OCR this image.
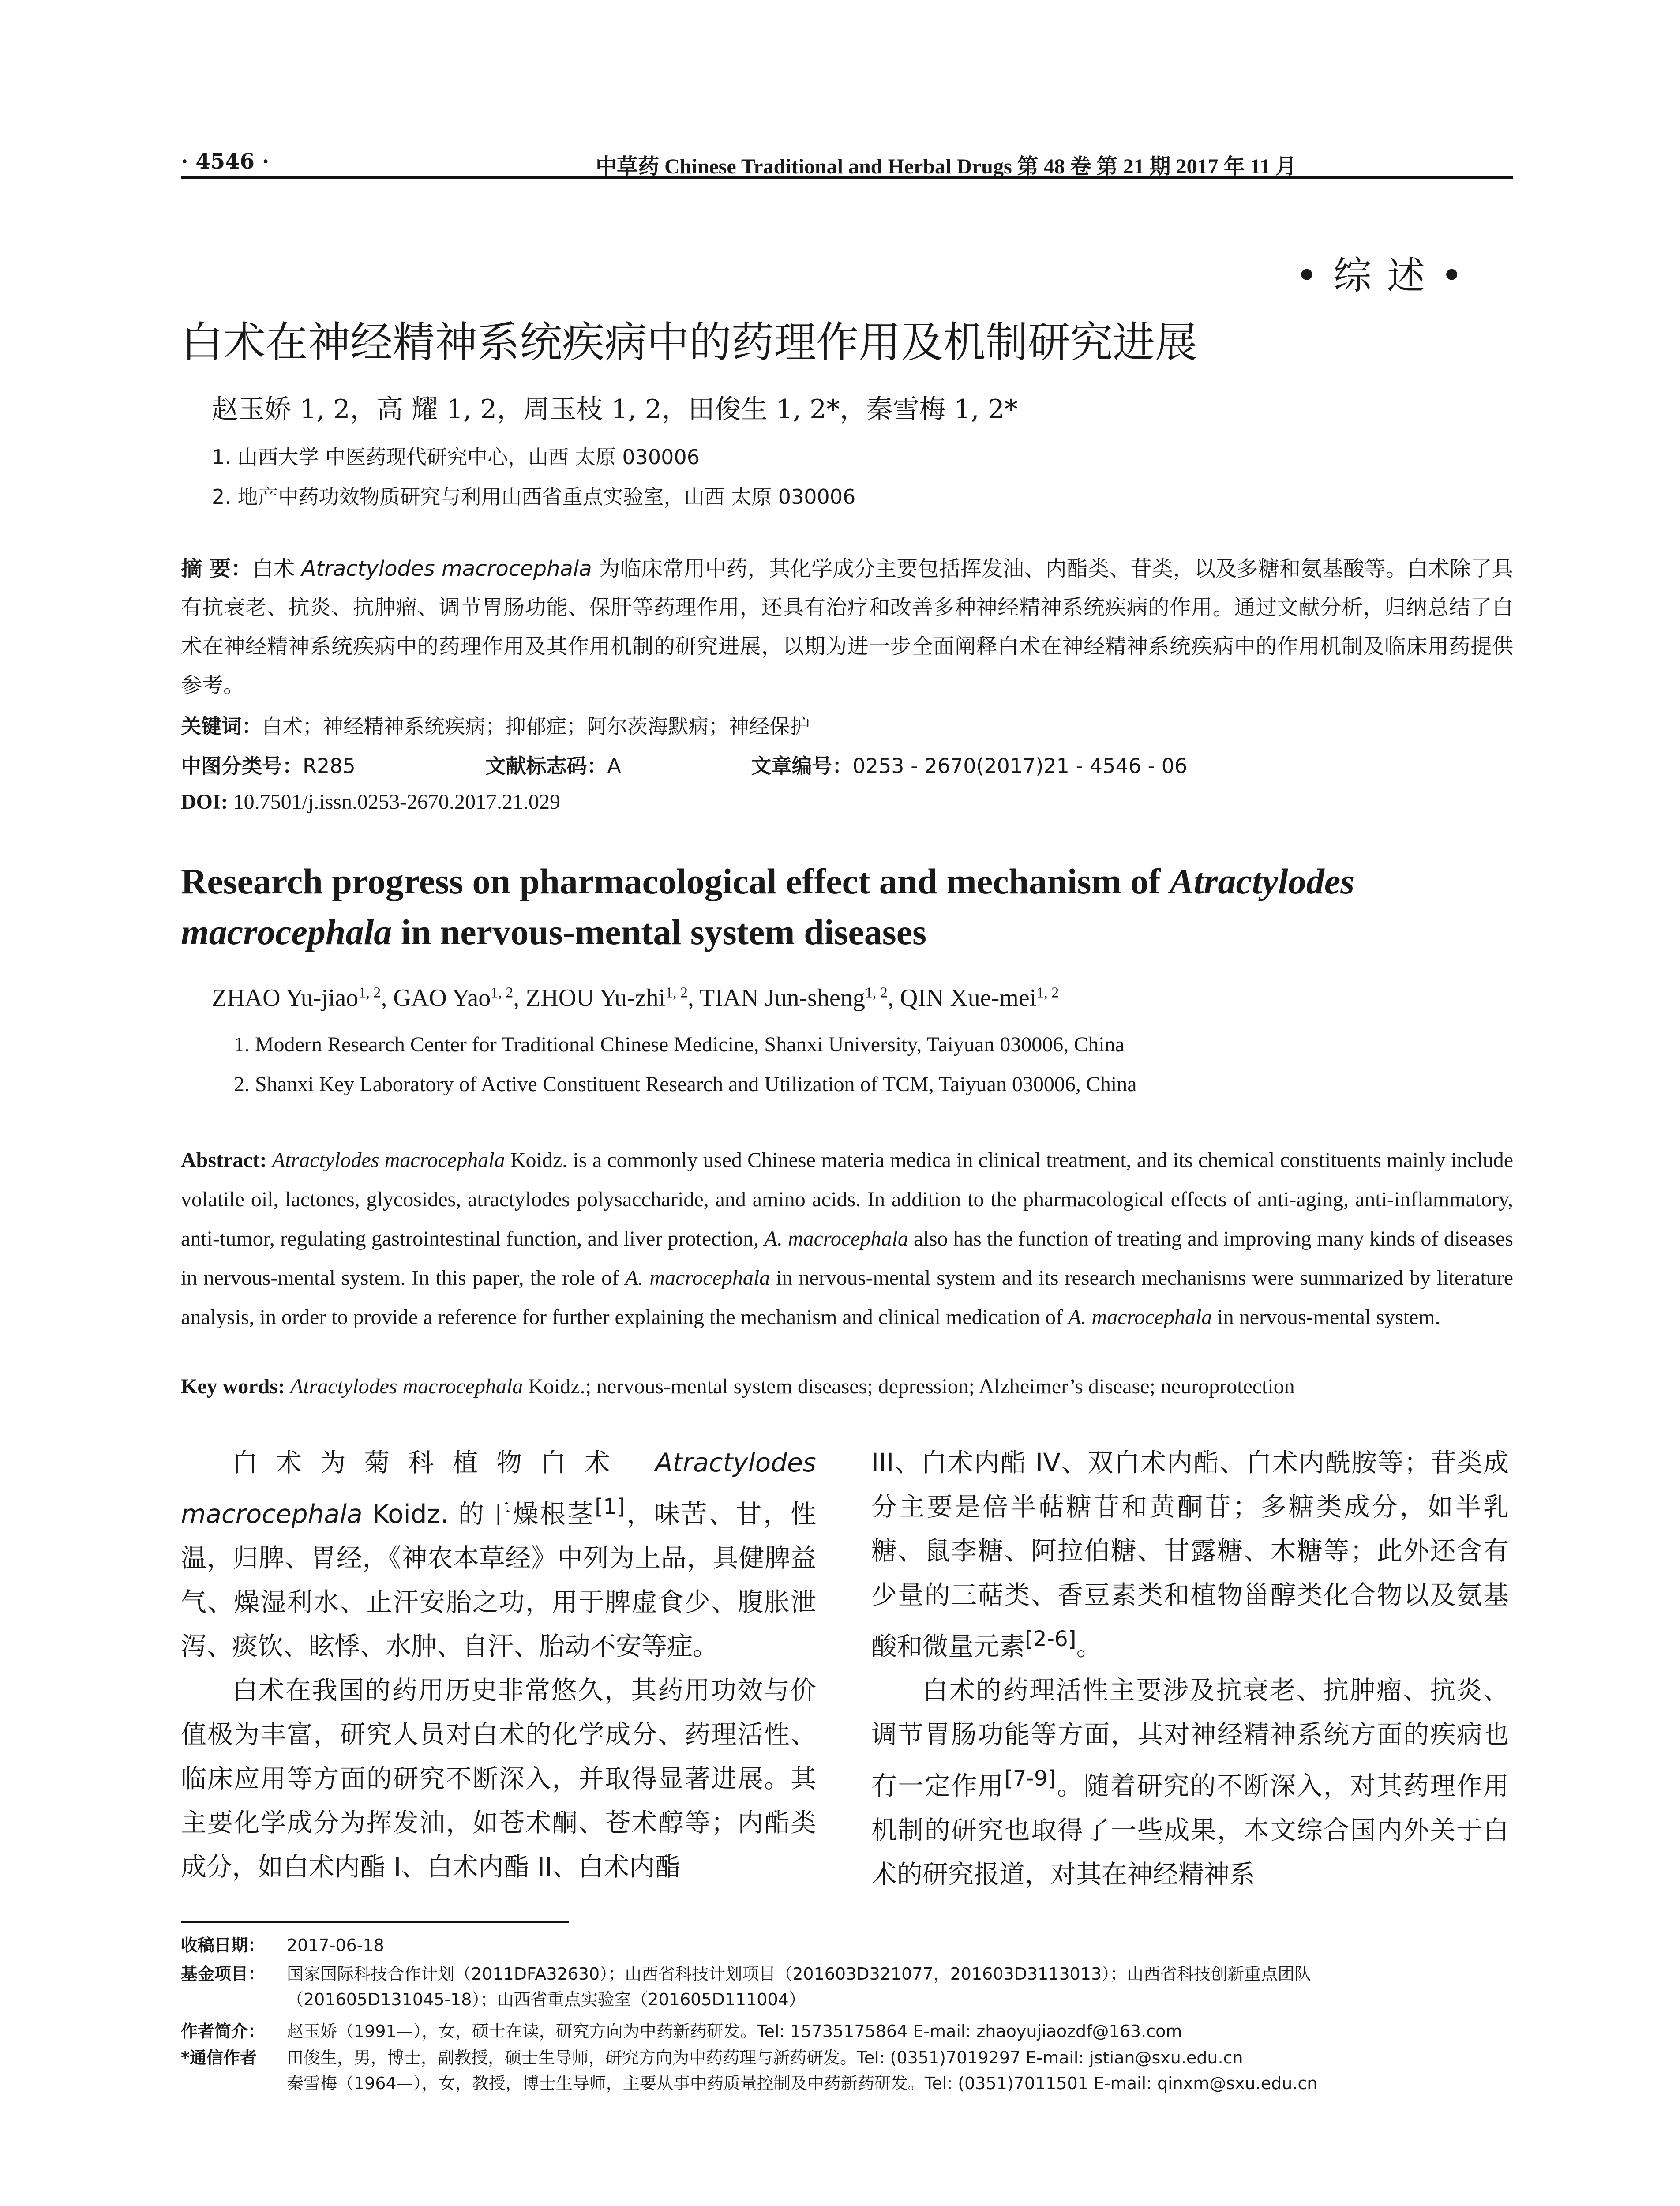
· 4546 ·	中草药 Chinese Traditional and Herbal Drugs 第 48 卷 第 21 期 2017 年 11 月
• 综 述 •
白术在神经精神系统疾病中的药理作用及机制研究进展
赵玉娇 1, 2，高 耀 1, 2，周玉枝 1, 2，田俊生 1, 2*，秦雪梅 1, 2*
1. 山西大学 中医药现代研究中心，山西 太原 030006
2. 地产中药功效物质研究与利用山西省重点实验室，山西 太原 030006
摘 要：白术 Atractylodes macrocephala 为临床常用中药，其化学成分主要包括挥发油、内酯类、苷类，以及多糖和氨基酸等。白术除了具有抗衰老、抗炎、抗肿瘤、调节胃肠功能、保肝等药理作用，还具有治疗和改善多种神经精神系统疾病的作用。通过文献分析，归纳总结了白术在神经精神系统疾病中的药理作用及其作用机制的研究进展，以期为进一步全面阐释白术在神经精神系统疾病中的作用机制及临床用药提供参考。
关键词：白术；神经精神系统疾病；抑郁症；阿尔茨海默病；神经保护
中图分类号：R285	文献标志码：A	文章编号：0253 - 2670(2017)21 - 4546 - 06
DOI: 10.7501/j.issn.0253-2670.2017.21.029
Research progress on pharmacological effect and mechanism of Atractylodes macrocephala in nervous-mental system diseases
ZHAO Yu-jiao$^{1, 2}$, GAO Yao$^{1, 2}$, ZHOU Yu-zhi$^{1, 2}$, TIAN Jun-sheng$^{1, 2}$, QIN Xue-mei$^{1, 2}$
1. Modern Research Center for Traditional Chinese Medicine, Shanxi University, Taiyuan 030006, China
2. Shanxi Key Laboratory of Active Constituent Research and Utilization of TCM, Taiyuan 030006, China
Abstract: Atractylodes macrocephala Koidz. is a commonly used Chinese materia medica in clinical treatment, and its chemical constituents mainly include volatile oil, lactones, glycosides, atractylodes polysaccharide, and amino acids. In addition to the pharmacological effects of anti-aging, anti-inflammatory, anti-tumor, regulating gastrointestinal function, and liver protection, A. macrocephala also has the function of treating and improving many kinds of diseases in nervous-mental system. In this paper, the role of A. macrocephala in nervous-mental system and its research mechanisms were summarized by literature analysis, in order to provide a reference for further explaining the mechanism and clinical medication of A. macrocephala in nervous-mental system.
Key words: Atractylodes macrocephala Koidz.; nervous-mental system diseases; depression; Alzheimer’s disease; neuroprotection

白术为菊科植物白术 Atractylodes macrocephala Koidz. 的干燥根茎[1]，味苦、甘，性温，归脾、胃经，《神农本草经》中列为上品，具健脾益气、燥湿利水、止汗安胎之功，用于脾虚食少、腹胀泄泻、痰饮、眩悸、水肿、自汗、胎动不安等症。

白术在我国的药用历史非常悠久，其药用功效与价值极为丰富，研究人员对白术的化学成分、药理活性、临床应用等方面的研究不断深入，并取得显著进展。其主要化学成分为挥发油，如苍术酮、苍术醇等；内酯类成分，如白术内酯 I、白术内酯 II、白术内酯

III、白术内酯 IV、双白术内酯、白术内酰胺等；苷类成分主要是倍半萜糖苷和黄酮苷；多糖类成分，如半乳糖、鼠李糖、阿拉伯糖、甘露糖、木糖等；此外还含有少量的三萜类、香豆素类和植物甾醇类化合物以及氨基酸和微量元素[2-6]。

白术的药理活性主要涉及抗衰老、抗肿瘤、抗炎、调节胃肠功能等方面，其对神经精神系统方面的疾病也有一定作用[7-9]。随着研究的不断深入，对其药理作用机制的研究也取得了一些成果，本文综合国内外关于白术的研究报道，对其在神经精神系

收稿日期： 2017-06-18
基金项目： 国家国际科技合作计划（2011DFA32630）；山西省科技计划项目（201603D321077，201603D3113013）；山西省科技创新重点团队
（201605D131045-18）；山西省重点实验室（201605D111004）
作者简介： 赵玉娇（1991—），女，硕士在读，研究方向为中药新药研发。Tel: 15735175864 E-mail: zhaoyujiaozdf@163.com
*通信作者 田俊生，男，博士，副教授，硕士生导师，研究方向为中药药理与新药研发。Tel: (0351)7019297 E-mail: jstian@sxu.edu.cn
秦雪梅（1964—），女，教授，博士生导师，主要从事中药质量控制及中药新药研发。Tel: (0351)7011501 E-mail: qinxm@sxu.edu.cn
